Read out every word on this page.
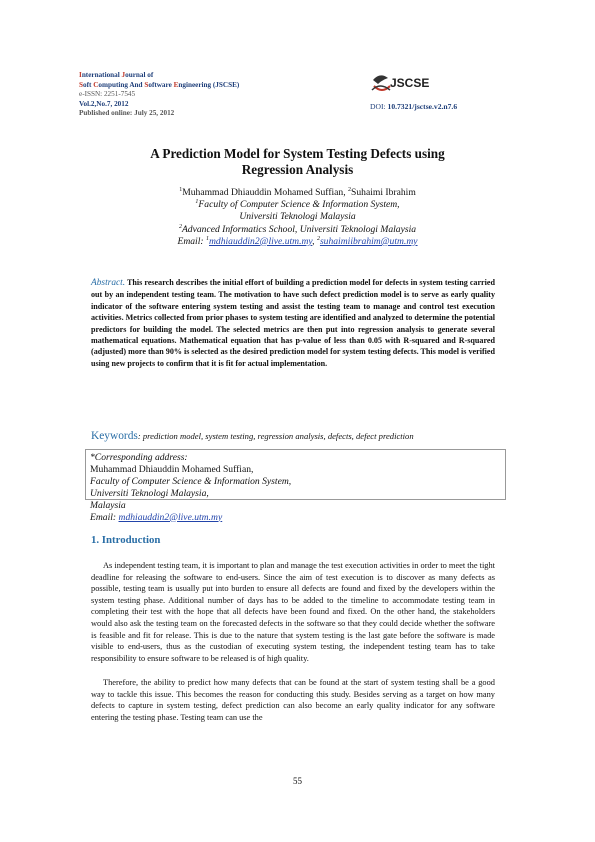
International Journal of
Soft Computing And Software Engineering (JSCSE)
e-ISSN: 2251-7545
Vol.2,No.7, 2012
Published online: July 25, 2012
JSCSE
DOI: 10.7321/jsctse.v2.n7.6
A Prediction Model for System Testing Defects using
Regression Analysis
$^1$Muhammad Dhiauddin Mohamed Suffian, $^2$Suhaimi Ibrahim
$^1$Faculty of Computer Science & Information System,
Universiti Teknologi Malaysia
$^2$Advanced Informatics School, Universiti Teknologi Malaysia
Email: $^1$mdhiauddin2@live.utm.my, $^2$suhaimiibrahim@utm.my
Abstract. This research describes the initial effort of building a prediction model for defects in system testing carried out by an independent testing team. The motivation to have such defect prediction model is to serve as early quality indicator of the software entering system testing and assist the testing team to manage and control test execution activities. Metrics collected from prior phases to system testing are identified and analyzed to determine the potential predictors for building the model. The selected metrics are then put into regression analysis to generate several mathematical equations. Mathematical equation that has p-value of less than 0.05 with R-squared and R-squared (adjusted) more than 90% is selected as the desired prediction model for system testing defects. This model is verified using new projects to confirm that it is fit for actual implementation.
Keywords: prediction model, system testing, regression analysis, defects, defect prediction
*Corresponding address:
Muhammad Dhiauddin Mohamed Suffian,
Faculty of Computer Science & Information System,
Universiti Teknologi Malaysia,
Malaysia
Email: mdhiauddin2@live.utm.my
1. Introduction
As independent testing team, it is important to plan and manage the test execution activities in order to meet the tight deadline for releasing the software to end-users. Since the aim of test execution is to discover as many defects as possible, testing team is usually put into burden to ensure all defects are found and fixed by the developers within the system testing phase. Additional number of days has to be added to the timeline to accommodate testing team in completing their test with the hope that all defects have been found and fixed. On the other hand, the stakeholders would also ask the testing team on the forecasted defects in the software so that they could decide whether the software is feasible and fit for release. This is due to the nature that system testing is the last gate before the software is made visible to end-users, thus as the custodian of executing system testing, the independent testing team has to take responsibility to ensure software to be released is of high quality.
Therefore, the ability to predict how many defects that can be found at the start of system testing shall be a good way to tackle this issue. This becomes the reason for conducting this study. Besides serving as a target on how many defects to capture in system testing, defect prediction can also become an early quality indicator for any software entering the testing phase. Testing team can use the
55
